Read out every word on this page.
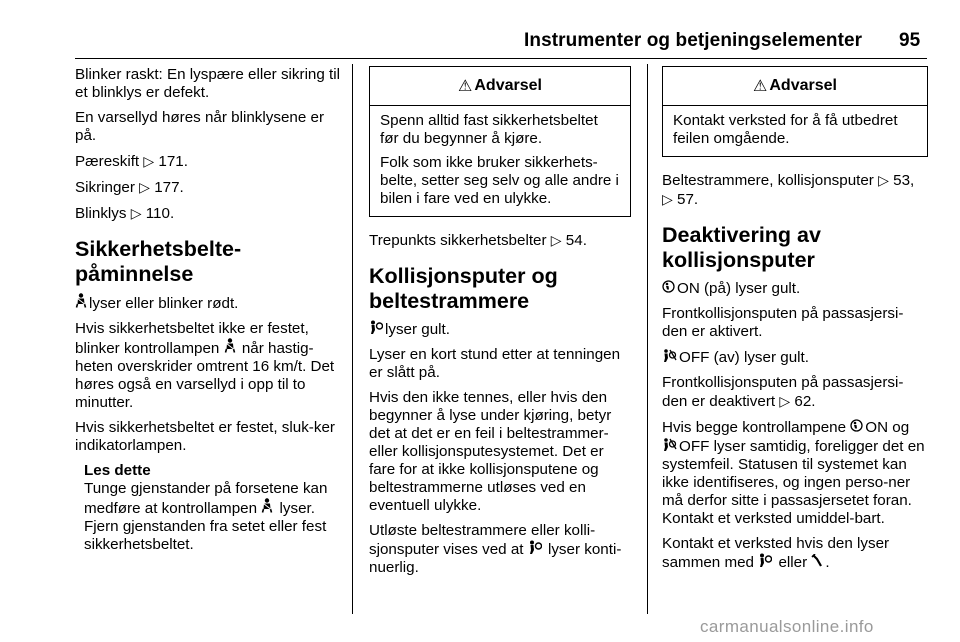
Instrumenter og betjeningselementer 95

Blinker raskt: En lyspære eller sikring til et blinklys er defekt.

En varsellyd høres når blinklysene er på.

Pæreskift ▷ 171.

Sikringer ▷ 177.

Blinklys ▷ 110.

Sikkerhetsbelte-
påminnelse

lyser eller blinker rødt.

Hvis sikkerhetsbeltet ikke er festet, blinker kontrollampen når hastig-heten overskrider omtrent 16 km/t. Det høres også en varsellyd i opp til to minutter.

Hvis sikkerhetsbeltet er festet, sluk-ker indikatorlampen.

Les dette
Tunge gjenstander på forsetene kan medføre at kontrollampen lyser. Fjern gjenstanden fra setet eller fest sikkerhetsbeltet.
⚠ Advarsel

Spenn alltid fast sikkerhetsbeltet før du begynner å kjøre.

Folk som ikke bruker sikkerhets-belte, setter seg selv og alle andre i bilen i fare ved en ulykke.

Trepunkts sikkerhetsbelter ▷ 54.

Kollisjonsputer og
beltestrammere

lyser gult.

Lyser en kort stund etter at tenningen er slått på.

Hvis den ikke tennes, eller hvis den begynner å lyse under kjøring, betyr det at det er en feil i beltestrammer-eller kollisjonsputesystemet. Det er fare for at ikke kollisjonsputene og beltestrammerne utløses ved en eventuell ulykke.

Utløste beltestrammere eller kolli-sjonsputer vises ved at lyser konti-nuerlig.

⚠ Advarsel

Kontakt verksted for å få utbedret feilen omgående.

Beltestrammere, kollisjonsputer ▷ 53, ▷ 57.

Deaktivering av
kollisjonsputer

ON (på) lyser gult.

Frontkollisjonsputen på passasjersi-den er aktivert.

OFF (av) lyser gult.

Frontkollisjonsputen på passasjersi-den er deaktivert ▷ 62.

Hvis begge kontrollampene ON og OFF lyser samtidig, foreligger det en systemfeil. Statusen til systemet kan ikke identifiseres, og ingen perso-ner må derfor sitte i passasjersetet foran. Kontakt et verksted umiddel-bart.

Kontakt et verksted hvis den lyser sammen med eller .

carmanualsonline.info
